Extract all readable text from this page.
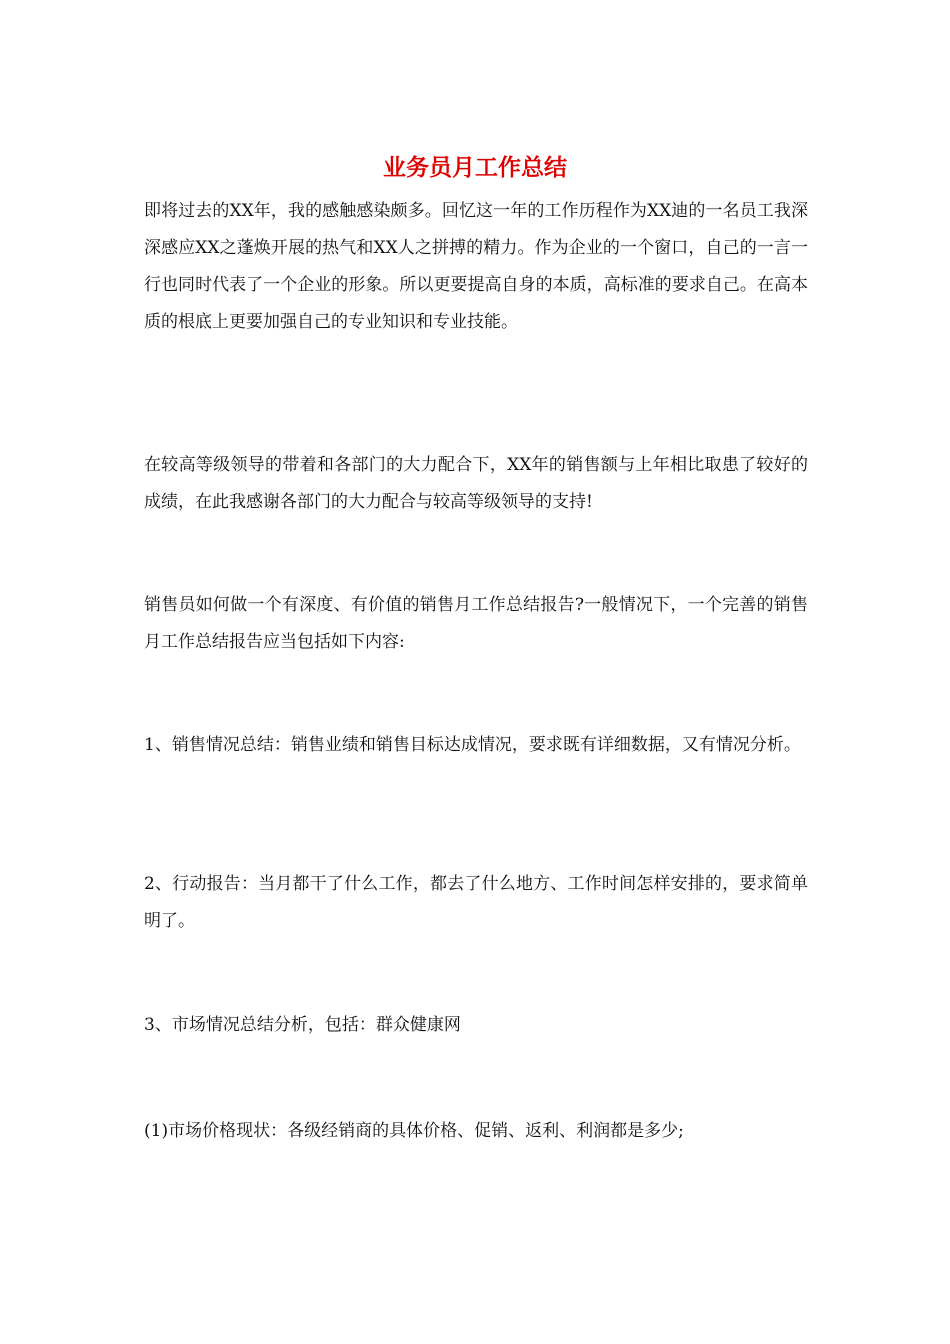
业务员月工作总结

即将过去的XX年，我的感触感染颇多。回忆这一年的工作历程作为XX迪的一名员工我深深感应XX之蓬焕开展的热气和XX人之拼搏的精力。作为企业的一个窗口，自己的一言一行也同时代表了一个企业的形象。所以更要提高自身的本质，高标准的要求自己。在高本质的根底上更要加强自己的专业知识和专业技能。

在较高等级领导的带着和各部门的大力配合下，XX年的销售额与上年相比取患了较好的成绩，在此我感谢各部门的大力配合与较高等级领导的支持!

销售员如何做一个有深度、有价值的销售月工作总结报告?一般情况下，一个完善的销售月工作总结报告应当包括如下内容:

1、销售情况总结：销售业绩和销售目标达成情况，要求既有详细数据，又有情况分析。

2、行动报告：当月都干了什么工作，都去了什么地方、工作时间怎样安排的，要求简单明了。

3、市场情况总结分析，包括：群众健康网

(1)市场价格现状：各级经销商的具体价格、促销、返利、利润都是多少;
